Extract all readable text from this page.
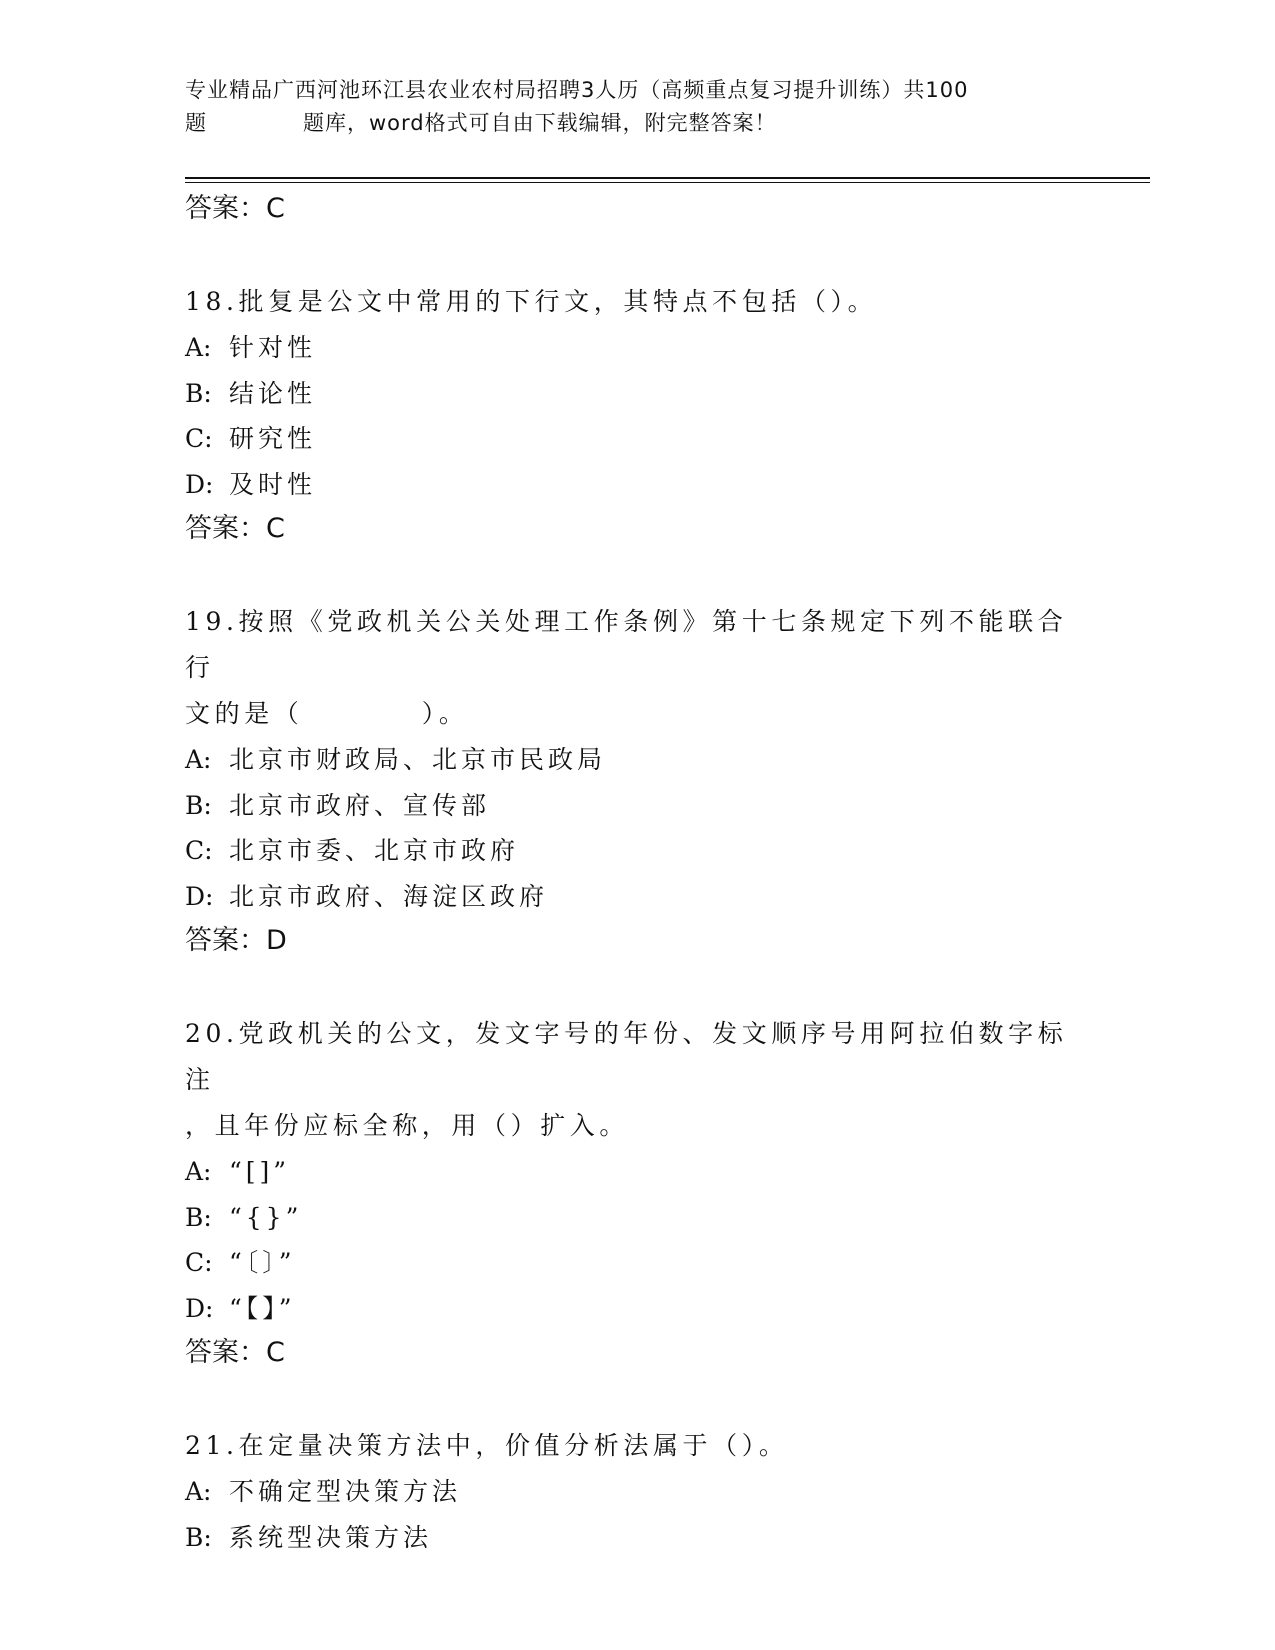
专业精品广西河池环江县农业农村局招聘3人历（高频重点复习提升训练）共100
题	题库，word格式可自由下载编辑，附完整答案！
答案：C
18.批复是公文中常用的下行文，其特点不包括（）。
A: 针对性
B: 结论性
C: 研究性
D: 及时性
答案：C
19.按照《党政机关公关处理工作条例》第十七条规定下列不能联合行
文的是（　　　　）。
A: 北京市财政局、北京市民政局
B: 北京市政府、宣传部
C: 北京市委、北京市政府
D: 北京市政府、海淀区政府
答案：D
20.党政机关的公文，发文字号的年份、发文顺序号用阿拉伯数字标注
，且年份应标全称，用（）扩入。
A: “[]”
B: “{}”
C: “〔〕”
D: “【】”
答案：C
21.在定量决策方法中，价值分析法属于（）。
A: 不确定型决策方法
B: 系统型决策方法
